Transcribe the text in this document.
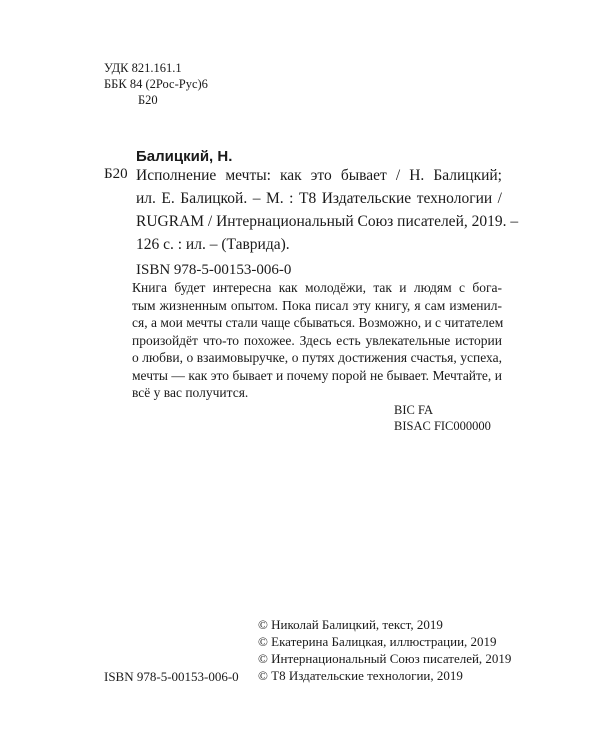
УДК 821.161.1
ББК 84 (2Рос-Рус)6
Б20
Балицкий, Н.
Б20 Исполнение мечты: как это бывает / Н. Балицкий;
ил. Е. Балицкой. – М. : Т8 Издательские технологии /
RUGRAM / Интернациональный Союз писателей, 2019. –
126 с. : ил. – (Таврида).
ISBN 978-5-00153-006-0
Книга будет интересна как молодёжи, так и людям с бога-
тым жизненным опытом. Пока писал эту книгу, я сам изменил-
ся, а мои мечты стали чаще сбываться. Возможно, и с читателем
произойдёт что-то похожее. Здесь есть увлекательные истории
о любви, о взаимовыручке, о путях достижения счастья, успеха,
мечты — как это бывает и почему порой не бывает. Мечтайте, и
всё у вас получится.
BIC FA
BISAC FIC000000
© Николай Балицкий, текст, 2019
© Екатерина Балицкая, иллюстрации, 2019
© Интернациональный Союз писателей, 2019
© Т8 Издательские технологии, 2019
ISBN 978-5-00153-006-0
